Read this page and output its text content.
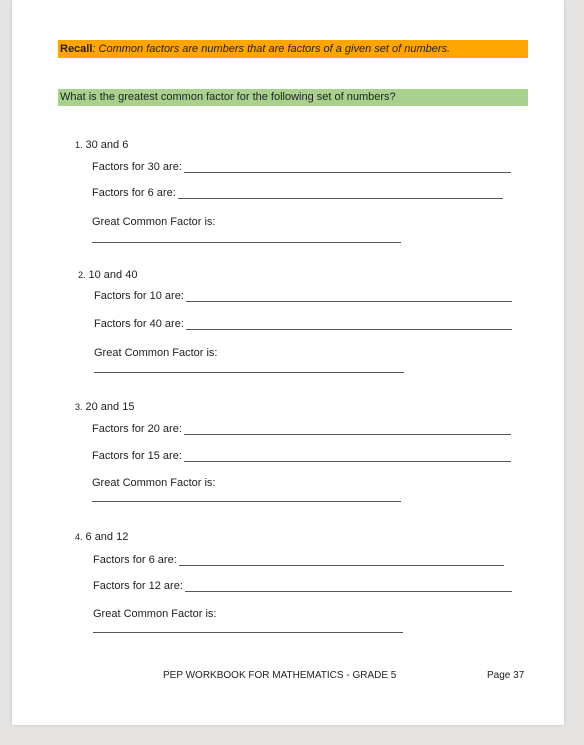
Recall: Common factors are numbers that are factors of a given set of numbers.
What is the greatest common factor for the following set of numbers?
1. 30 and 6
Factors for 30 are:
Factors for 6 are:
Great Common Factor is:
2. 10 and 40
Factors for 10 are:
Factors for 40 are:
Great Common Factor is:
3. 20 and 15
Factors for 20 are:
Factors for 15 are:
Great Common Factor is:
4. 6 and 12
Factors for 6 are:
Factors for 12 are:
Great Common Factor is:
PEP WORKBOOK FOR MATHEMATICS - GRADE 5	Page 37
